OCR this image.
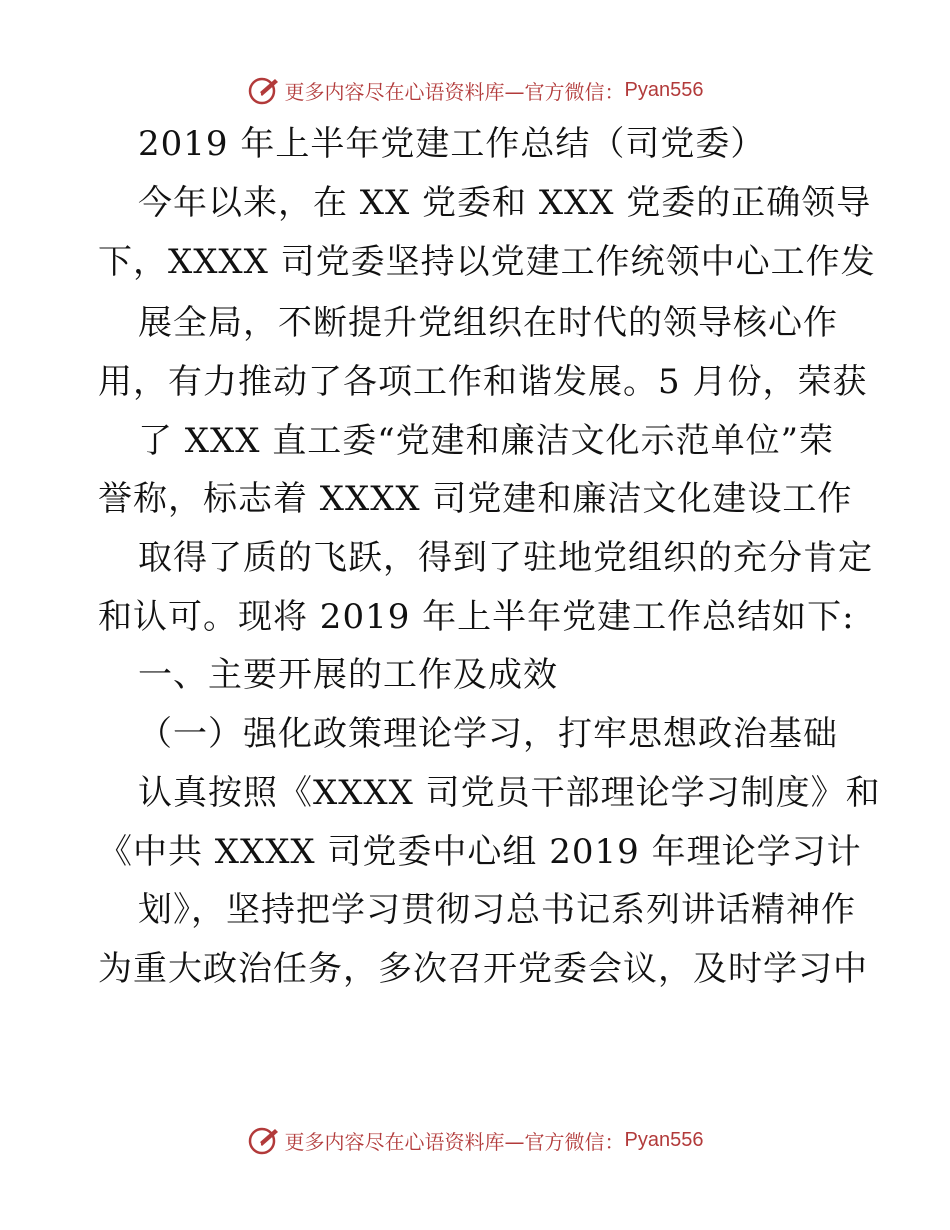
更多内容尽在心语资料库—官方微信： Pyan556
2019 年上半年党建工作总结（司党委）
今年以来，在 XX 党委和 XXX 党委的正确领导
下，XXXX 司党委坚持以党建工作统领中心工作发
展全局，不断提升党组织在时代的领导核心作
用，有力推动了各项工作和谐发展。5 月份，荣获
了 XXX 直工委“党建和廉洁文化示范单位”荣
誉称，标志着 XXXX 司党建和廉洁文化建设工作
取得了质的飞跃，得到了驻地党组织的充分肯定
和认可。现将 2019 年上半年党建工作总结如下:
一、主要开展的工作及成效
（一）强化政策理论学习，打牢思想政治基础
认真按照《XXXX 司党员干部理论学习制度》和
《中共 XXXX 司党委中心组 2019 年理论学习计
划》，坚持把学习贯彻习总书记系列讲话精神作
为重大政治任务，多次召开党委会议，及时学习中
更多内容尽在心语资料库—官方微信： Pyan556
